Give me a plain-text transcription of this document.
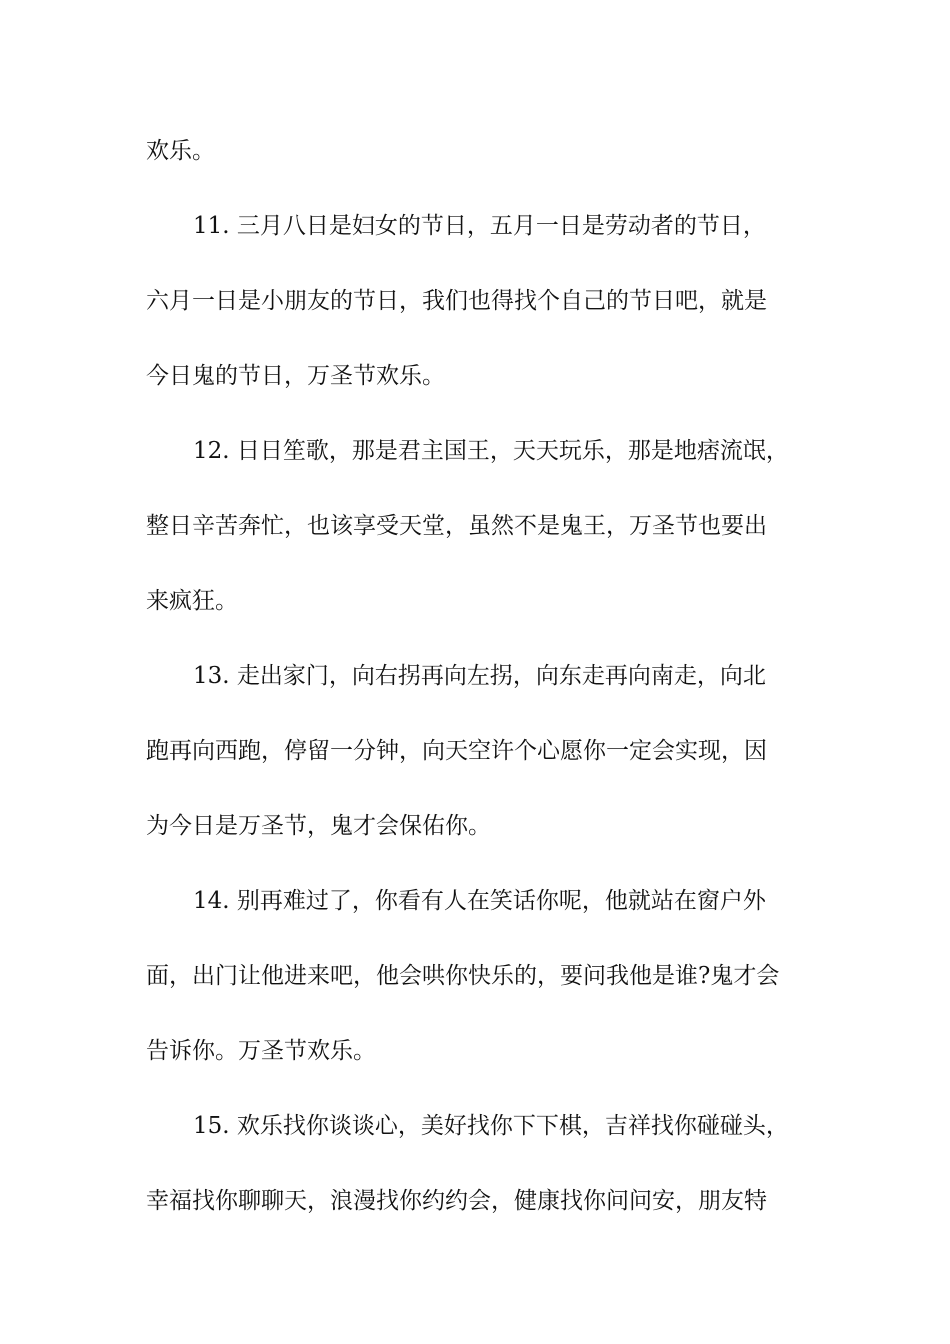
欢乐。
11. 三月八日是妇女的节日，五月一日是劳动者的节日，
六月一日是小朋友的节日，我们也得找个自己的节日吧，就是
今日鬼的节日，万圣节欢乐。
12. 日日笙歌，那是君主国王，天天玩乐，那是地痞流氓，
整日辛苦奔忙，也该享受天堂，虽然不是鬼王，万圣节也要出
来疯狂。
13. 走出家门，向右拐再向左拐，向东走再向南走，向北
跑再向西跑，停留一分钟，向天空许个心愿你一定会实现，因
为今日是万圣节，鬼才会保佑你。
14. 别再难过了，你看有人在笑话你呢，他就站在窗户外
面，出门让他进来吧，他会哄你快乐的，要问我他是谁?鬼才会
告诉你。万圣节欢乐。
15. 欢乐找你谈谈心，美好找你下下棋，吉祥找你碰碰头，
幸福找你聊聊天，浪漫找你约约会，健康找你问问安，朋友特
